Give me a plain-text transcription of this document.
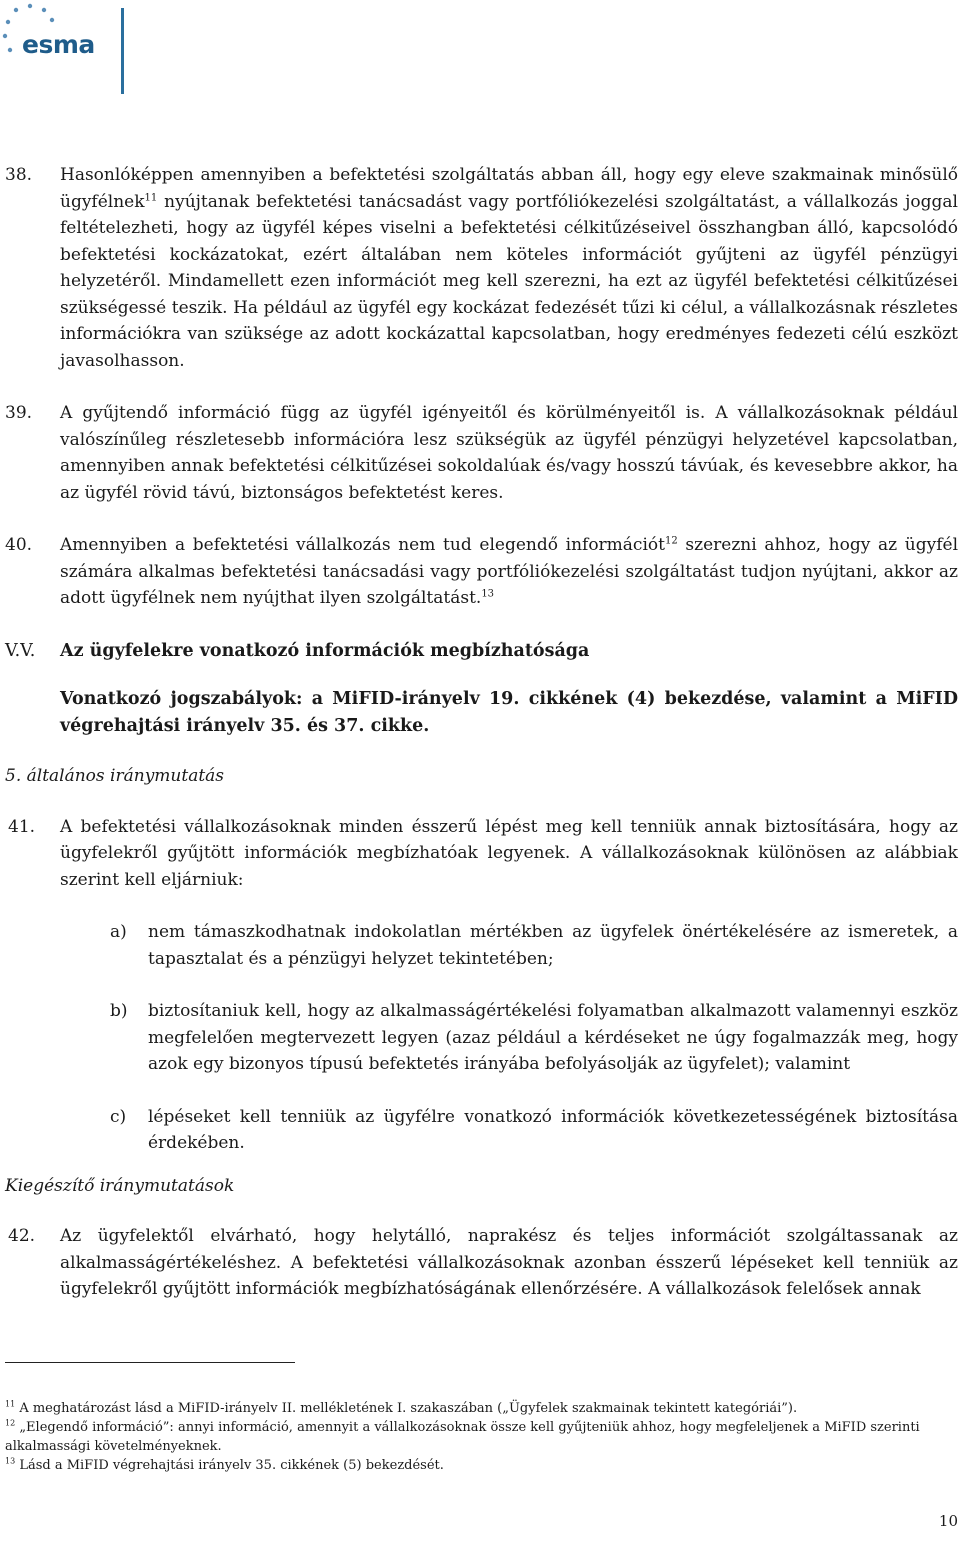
esma
38.	Hasonlóképpen amennyiben a befektetési szolgáltatás abban áll, hogy egy eleve szakmainak minősülő ügyfélnek$^{11}$ nyújtanak befektetési tanácsadást vagy portfóliókezelési szolgáltatást, a vállalkozás joggal feltételezheti, hogy az ügyfél képes viselni a befektetési célkitűzéseivel összhangban álló, kapcsolódó befektetési kockázatokat, ezért általában nem köteles információt gyűjteni az ügyfél pénzügyi helyzetéről. Mindamellett ezen információt meg kell szerezni, ha ezt az ügyfél befektetési célkitűzései szükségessé teszik. Ha például az ügyfél egy kockázat fedezését tűzi ki célul, a vállalkozásnak részletes információkra van szüksége az adott kockázattal kapcsolatban, hogy eredményes fedezeti célú eszközt javasolhasson.
39.	A gyűjtendő információ függ az ügyfél igényeitől és körülményeitől is. A vállalkozásoknak például valószínűleg részletesebb információra lesz szükségük az ügyfél pénzügyi helyzetével kapcsolatban, amennyiben annak befektetési célkitűzései sokoldalúak és/vagy hosszú távúak, és kevesebbre akkor, ha az ügyfél rövid távú, biztonságos befektetést keres.
40.	Amennyiben a befektetési vállalkozás nem tud elegendő információt$^{12}$ szerezni ahhoz, hogy az ügyfél számára alkalmas befektetési tanácsadási vagy portfóliókezelési szolgáltatást tudjon nyújtani, akkor az adott ügyfélnek nem nyújthat ilyen szolgáltatást.$^{13}$
V.V.	Az ügyfelekre vonatkozó információk megbízhatósága
Vonatkozó jogszabályok: a MiFID-irányelv 19. cikkének (4) bekezdése, valamint a MiFID végrehajtási irányelv 35. és 37. cikke.
5. általános iránymutatás
41.	A befektetési vállalkozásoknak minden ésszerű lépést meg kell tenniük annak biztosítására, hogy az ügyfelekről gyűjtött információk megbízhatóak legyenek. A vállalkozásoknak különösen az alábbiak szerint kell eljárniuk:
a)	nem támaszkodhatnak indokolatlan mértékben az ügyfelek önértékelésére az ismeretek, a tapasztalat és a pénzügyi helyzet tekintetében;
b)	biztosítaniuk kell, hogy az alkalmasságértékelési folyamatban alkalmazott valamennyi eszköz megfelelően megtervezett legyen (azaz például a kérdéseket ne úgy fogalmazzák meg, hogy azok egy bizonyos típusú befektetés irányába befolyásolják az ügyfelet); valamint
c)	lépéseket kell tenniük az ügyfélre vonatkozó információk következetességének biztosítása érdekében.
Kiegészítő iránymutatások
42.	Az ügyfelektől elvárható, hogy helytálló, naprakész és teljes információt szolgáltassanak az alkalmasságértékeléshez. A befektetési vállalkozásoknak azonban ésszerű lépéseket kell tenniük az ügyfelekről gyűjtött információk megbízhatóságának ellenőrzésére. A vállalkozások felelősek annak

$^{11}$ A meghatározást lásd a MiFID-irányelv II. mellékletének I. szakaszában („Ügyfelek szakmainak tekintett kategóriái”).

$^{12}$ „Elegendő információ”: annyi információ, amennyit a vállalkozásoknak össze kell gyűjteniük ahhoz, hogy megfeleljenek a MiFID szerinti alkalmassági követelményeknek.

$^{13}$ Lásd a MiFID végrehajtási irányelv 35. cikkének (5) bekezdését.

10
